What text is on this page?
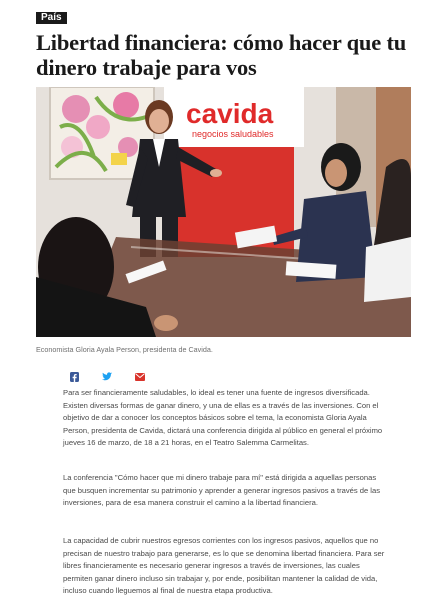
País
Libertad financiera: cómo hacer que tu dinero trabaje para vos
cavida
negocios saludables

Economista Gloria Ayala Person, presidenta de Cavida.

Para ser financieramente saludables, lo ideal es tener una fuente de ingresos diversificada. Existen diversas formas de ganar dinero, y una de ellas es a través de las inversiones. Con el objetivo de dar a conocer los conceptos básicos sobre el tema, la economista Gloria Ayala Person, presidenta de Cavida, dictará una conferencia dirigida al público en general el próximo jueves 16 de marzo, de 18 a 21 horas, en el Teatro Salemma Carmelitas.

La conferencia "Cómo hacer que mi dinero trabaje para mí" está dirigida a aquellas personas que busquen incrementar su patrimonio y aprender a generar ingresos pasivos a través de las inversiones, para de esa manera construir el camino a la libertad financiera.

La capacidad de cubrir nuestros egresos corrientes con los ingresos pasivos, aquellos que no precisan de nuestro trabajo para generarse, es lo que se denomina libertad financiera. Para ser libres financieramente es necesario generar ingresos a través de inversiones, las cuales permiten ganar dinero incluso sin trabajar y, por ende, posibilitan mantener la calidad de vida, incluso cuando lleguemos al final de nuestra etapa productiva.
